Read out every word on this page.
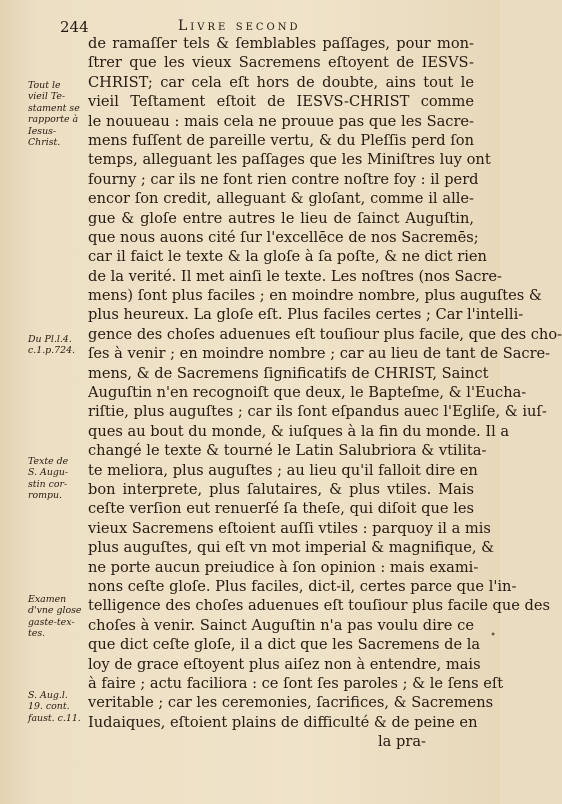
244	Livre second
Tout le
vieil Te-
stament se
rapporte à
Iesus-
Christ.
Du Pl.l.4.
c.1.p.724.
Texte de
S. Augu-
stin cor-
rompu.
Examen
d'vne glose
gaste-tex-
tes.
S. Aug.l.
19. cont.
faust. c.11.
•
de ramaſſer tels & ſemblables paſſages, pour mon-
ſtrer que les vieux Sacremens eſtoyent de IESVS-
CHRIST; car cela eſt hors de doubte, ains tout le
vieil Teſtament eſtoit de IESVS-CHRIST comme
le nouueau : mais cela ne prouue pas que les Sacre-
mens fuſſent de pareille vertu, & du Pleſſis perd ſon
temps, alleguant les paſſages que les Miniſtres luy ont
fourny ; car ils ne font rien contre noſtre foy : il perd
encor ſon credit, alleguant & gloſant, comme il alle-
gue & gloſe entre autres le lieu de ſainct Auguſtin,
que nous auons cité ſur l'excellēce de nos Sacremēs;
car il faict le texte & la gloſe à ſa poſte, & ne dict rien
de la verité. Il met ainſi le texte. Les noſtres (nos Sacre-
mens) ſont plus faciles ; en moindre nombre, plus auguſtes &
plus heureux. La gloſe eſt. Plus faciles certes ; Car l'intelli-
gence des choſes aduenues eſt touſiour plus facile, que des cho-
ſes à venir ; en moindre nombre ; car au lieu de tant de Sacre-
mens, & de Sacremens ſignificatifs de CHRIST, Sainct
Auguſtin n'en recognoiſt que deux, le Bapteſme, & l'Eucha-
riſtie, plus auguſtes ; car ils ſont eſpandus auec l'Egliſe, & iuſ-
ques au bout du monde, & iuſques à la fin du monde. Il a
changé le texte & tourné le Latin Salubriora & vtilita-
te meliora, plus auguſtes ; au lieu qu'il falloit dire en
bon interprete, plus ſalutaires, & plus vtiles. Mais
ceſte verſion eut renuerſé ſa theſe, qui diſoit que les
vieux Sacremens eſtoient auſſi vtiles : parquoy il a mis
plus auguſtes, qui eſt vn mot imperial & magnifique, &
ne porte aucun preiudice à ſon opinion : mais exami-
nons ceſte gloſe. Plus faciles, dict-il, certes parce que l'in-
telligence des choſes aduenues eſt touſiour plus facile que des
choſes à venir. Sainct Auguſtin n'a pas voulu dire ce
que dict ceſte gloſe, il a dict que les Sacremens de la
loy de grace eſtoyent plus aiſez non à entendre, mais
à faire ; actu faciliora : ce ſont ſes paroles ; & le ſens eſt
veritable ; car les ceremonies, ſacrifices, & Sacremens
Iudaiques, eſtoient plains de difficulté & de peine en
la pra-
